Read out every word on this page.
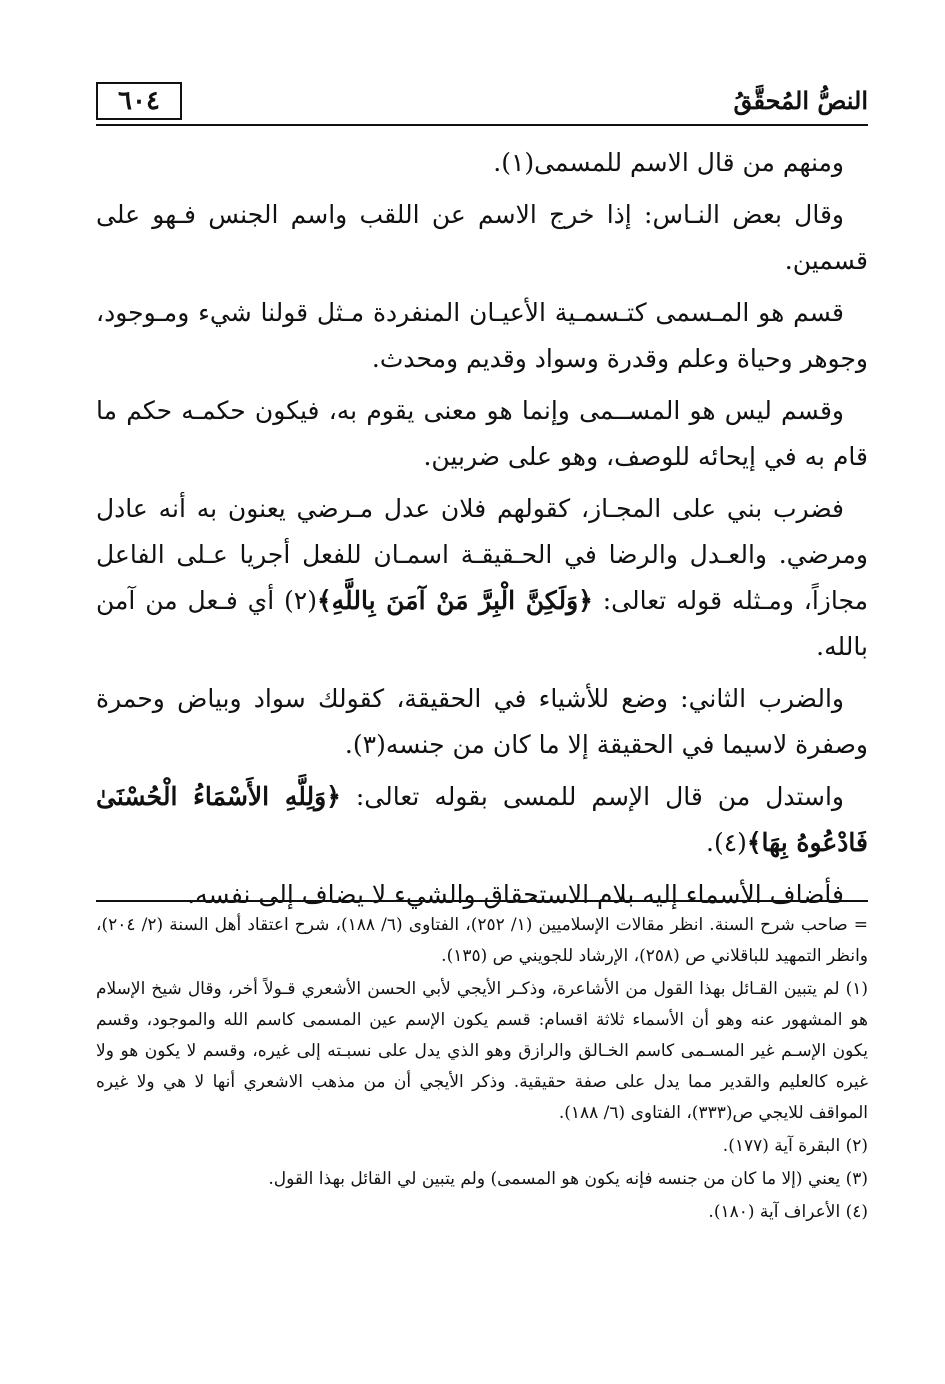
٦٠٤	النصُّ المُحقَّقُ

ومنهم من قال الاسم للمسمى(١).

وقال بعض النـاس: إذا خرج الاسم عن اللقب واسم الجنس فـهو على قسمين.

قسم هو المـسمى كتـسمـية الأعيـان المنفردة مـثل قولنا شيء ومـوجود، وجوهر وحياة وعلم وقدرة وسواد وقديم ومحدث.

وقسم ليس هو المســمى وإنما هو معنى يقوم به، فيكون حكمـه حكم ما قام به في إيحائه للوصف، وهو على ضربين.

فضرب بني على المجـاز، كقولهم فلان عدل مـرضي يعنون به أنه عادل ومرضي. والعـدل والرضا في الحـقيقـة اسمـان للفعل أجريا عـلى الفاعل مجازاً، ومـثله قوله تعالى: ﴿وَلَكِنَّ الْبِرَّ مَنْ آمَنَ بِاللَّهِ﴾(٢) أي فـعل من آمن بالله.

والضرب الثاني: وضع للأشياء في الحقيقة، كقولك سواد وبياض وحمرة وصفرة لاسيما في الحقيقة إلا ما كان من جنسه(٣).

واستدل من قال الإسم للمسى بقوله تعالى: ﴿وَلِلَّهِ الأَسْمَاءُ الْحُسْنَىٰ فَادْعُوهُ بِهَا﴾(٤).

فأضاف الأسماء إليه بلام الاستحقاق والشيء لا يضاف إلى نفسه.

= صاحب شرح السنة. انظر مقالات الإسلاميين (١/ ٢٥٢)، الفتاوى (٦/ ١٨٨)، شرح اعتقاد أهل السنة (٢/ ٢٠٤)، وانظر التمهيد للباقلاني ص (٢٥٨)، الإرشاد للجويني ص (١٣٥).

(١) لم يتبين القـائل بهذا القول من الأشاعرة، وذكـر الأيجي لأبي الحسن الأشعري قـولاً أخر، وقال شيخ الإسلام هو المشهور عنه وهو أن الأسماء ثلاثة اقسام: قسم يكون الإسم عين المسمى كاسم الله والموجود، وقسم يكون الإسـم غير المسـمى كاسم الخـالق والرازق وهو الذي يدل على نسبـته إلى غيره، وقسم لا يكون هو ولا غيره كالعليم والقدير مما يدل على صفة حقيقية. وذكر الأيجي أن من مذهب الاشعري أنها لا هي ولا غيره المواقف للايجي ص(٣٣٣)، الفتاوى (٦/ ١٨٨).

(٢) البقرة آية (١٧٧).

(٣) يعني (إلا ما كان من جنسه فإنه يكون هو المسمى) ولم يتبين لي القائل بهذا القول.

(٤) الأعراف آية (١٨٠).
